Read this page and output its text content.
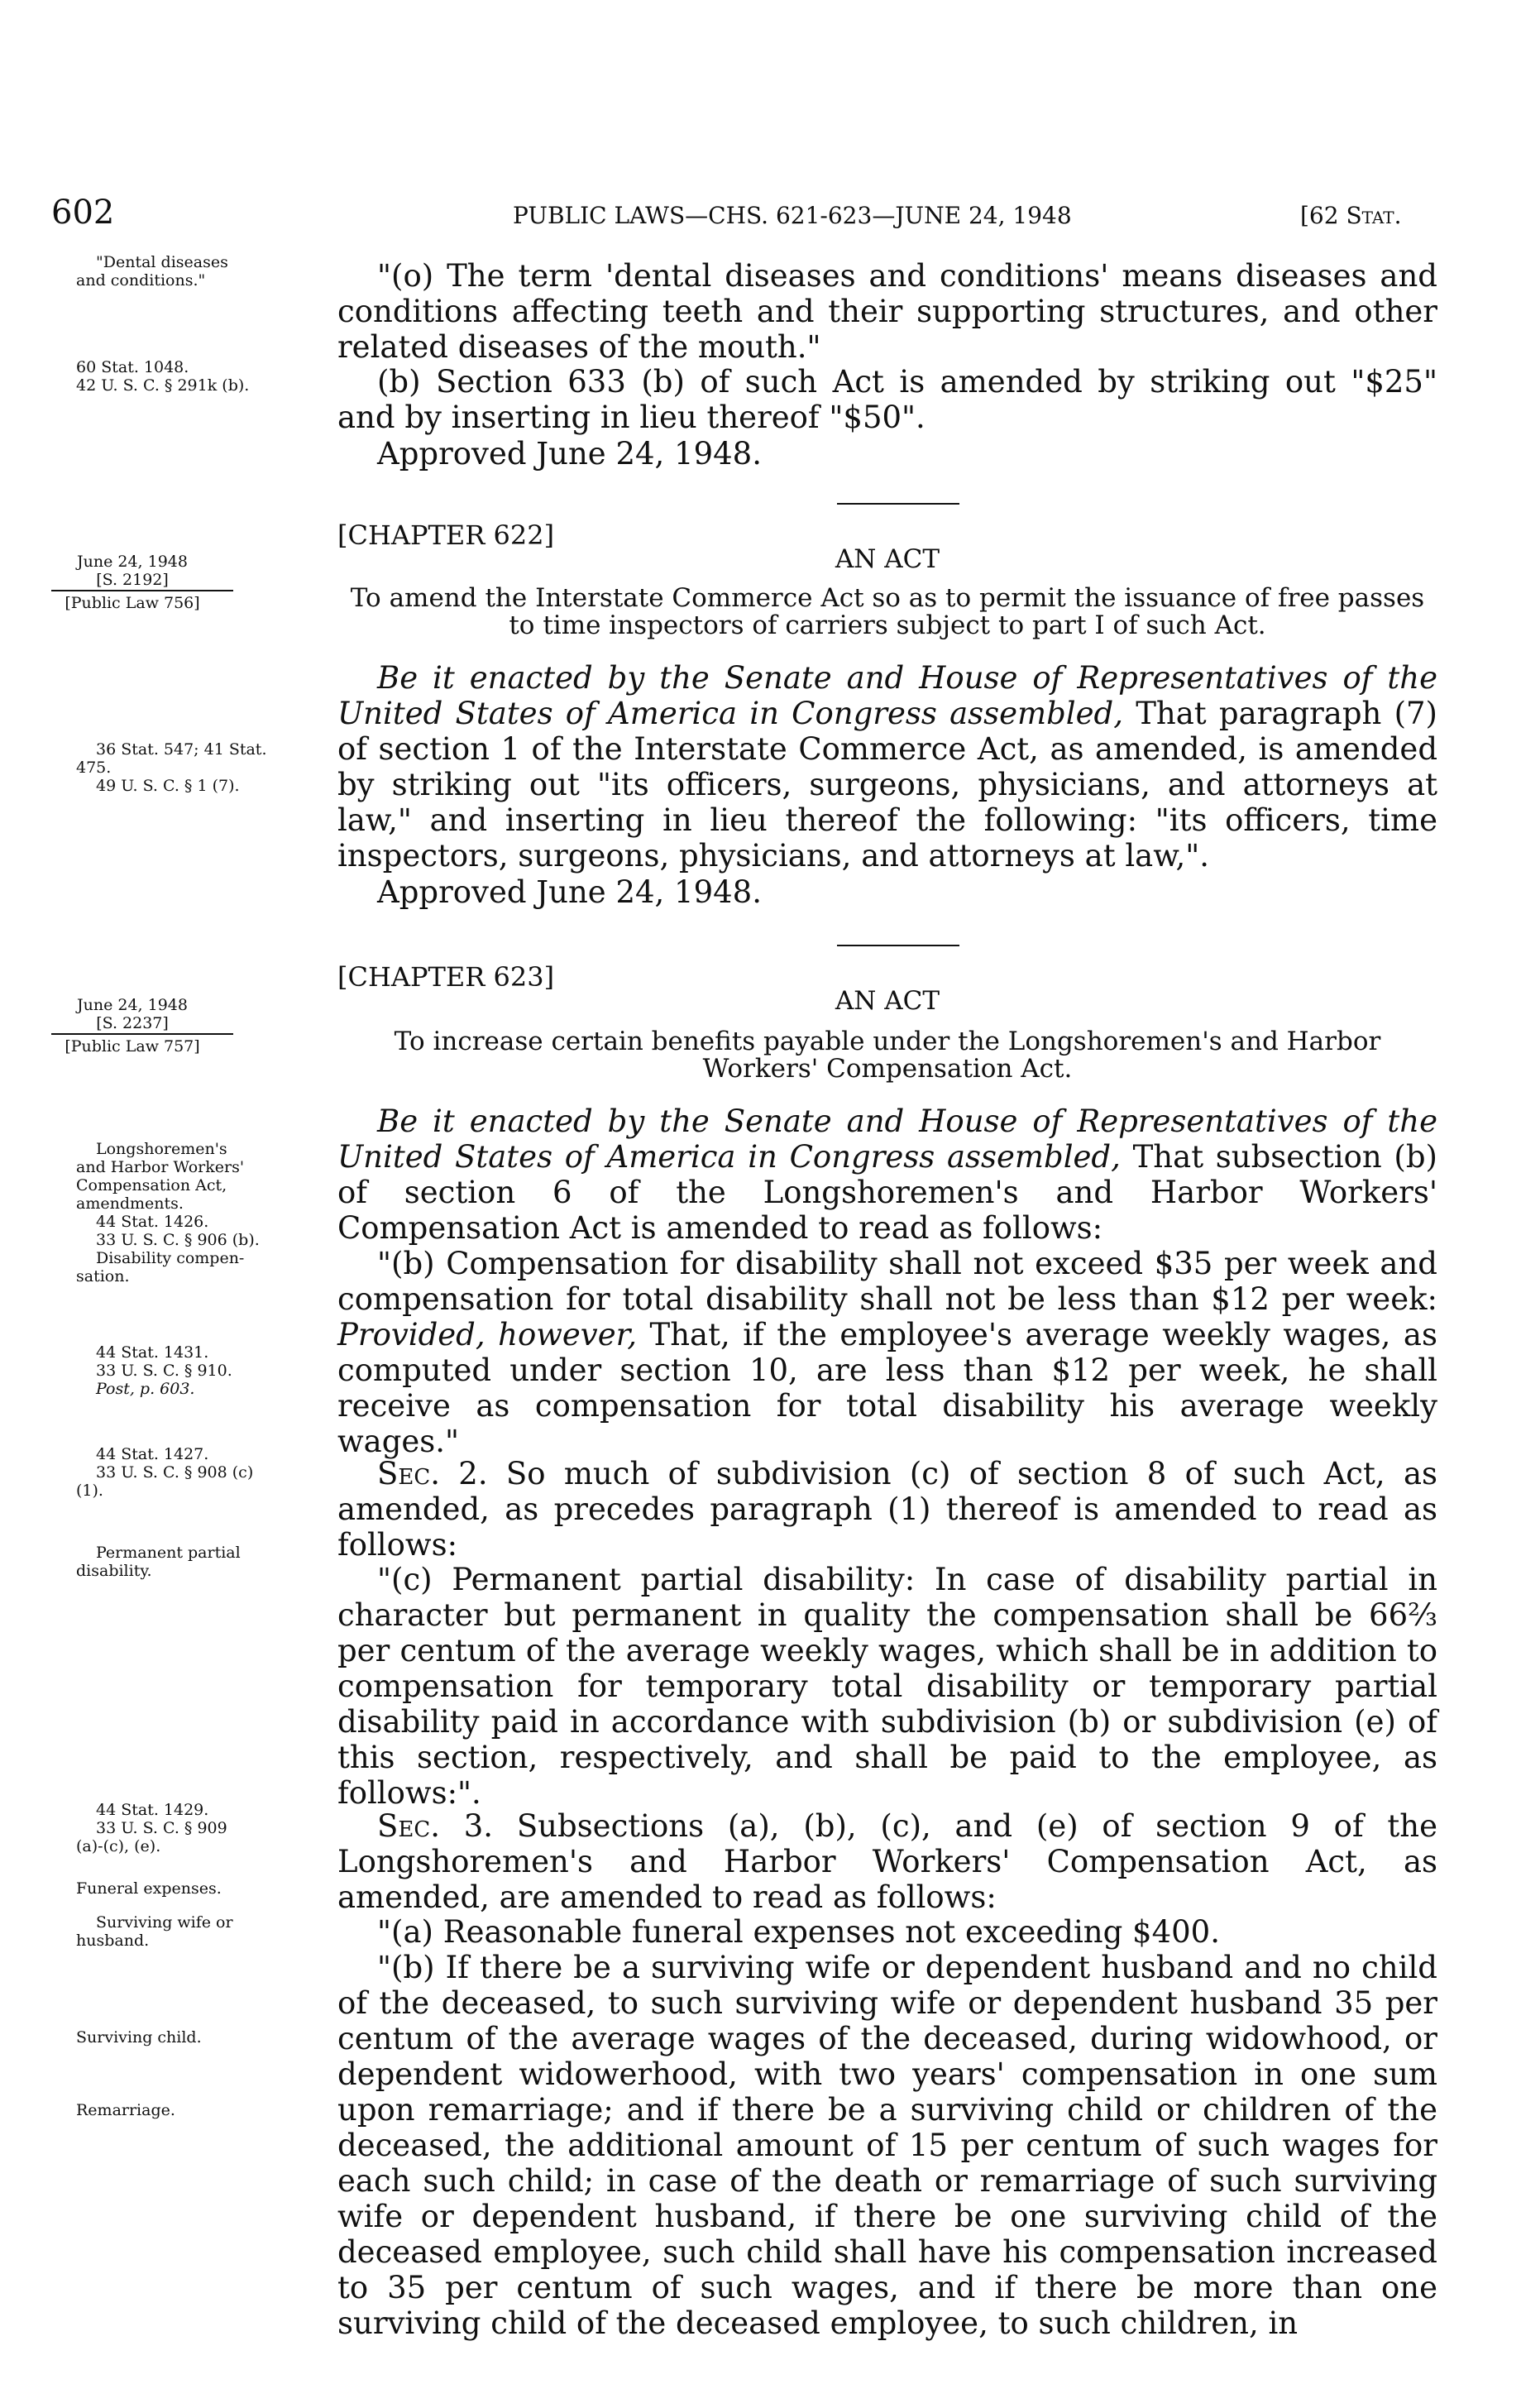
602	PUBLIC LAWS—CHS. 621-623—JUNE 24, 1948	[62 Stat.
"Dental diseases
and conditions."
60 Stat. 1048.
42 U. S. C. § 291k (b).
June 24, 1948
[S. 2192]
[Public Law 756]
36 Stat. 547; 41 Stat.
475.
49 U. S. C. § 1 (7).
June 24, 1948
[S. 2237]
[Public Law 757]
Longshoremen's
and Harbor Workers'
Compensation Act,
amendments.
44 Stat. 1426.
33 U. S. C. § 906 (b).
Disability compen-
sation.
44 Stat. 1431.
33 U. S. C. § 910.
Post, p. 603.
44 Stat. 1427.
33 U. S. C. § 908 (c)
(1).
Permanent partial
disability.
44 Stat. 1429.
33 U. S. C. § 909
(a)-(c), (e).
Funeral expenses.
Surviving wife or
husband.
Surviving child.
Remarriage.
"(o) The term 'dental diseases and conditions' means diseases and conditions affecting teeth and their supporting structures, and other related diseases of the mouth."
(b) Section 633 (b) of such Act is amended by striking out "$25" and by inserting in lieu thereof "$50".
Approved June 24, 1948.
[CHAPTER 622]
AN ACT
To amend the Interstate Commerce Act so as to permit the issuance of free passes to time inspectors of carriers subject to part I of such Act.
Be it enacted by the Senate and House of Representatives of the United States of America in Congress assembled, That paragraph (7) of section 1 of the Interstate Commerce Act, as amended, is amended by striking out "its officers, surgeons, physicians, and attorneys at law," and inserting in lieu thereof the following: "its officers, time inspectors, surgeons, physicians, and attorneys at law,".
Approved June 24, 1948.
[CHAPTER 623]
AN ACT
To increase certain benefits payable under the Longshoremen's and Harbor Workers' Compensation Act.
Be it enacted by the Senate and House of Representatives of the United States of America in Congress assembled, That subsection (b) of section 6 of the Longshoremen's and Harbor Workers' Compensation Act is amended to read as follows:
"(b) Compensation for disability shall not exceed $35 per week and compensation for total disability shall not be less than $12 per week: Provided, however, That, if the employee's average weekly wages, as computed under section 10, are less than $12 per week, he shall receive as compensation for total disability his average weekly wages."
Sec. 2. So much of subdivision (c) of section 8 of such Act, as amended, as precedes paragraph (1) thereof is amended to read as follows:
"(c) Permanent partial disability: In case of disability partial in character but permanent in quality the compensation shall be 66⅔ per centum of the average weekly wages, which shall be in addition to compensation for temporary total disability or temporary partial disability paid in accordance with subdivision (b) or subdivision (e) of this section, respectively, and shall be paid to the employee, as follows:".
Sec. 3. Subsections (a), (b), (c), and (e) of section 9 of the Longshoremen's and Harbor Workers' Compensation Act, as amended, are amended to read as follows:
"(a) Reasonable funeral expenses not exceeding $400.
"(b) If there be a surviving wife or dependent husband and no child of the deceased, to such surviving wife or dependent husband 35 per centum of the average wages of the deceased, during widowhood, or dependent widowerhood, with two years' compensation in one sum upon remarriage; and if there be a surviving child or children of the deceased, the additional amount of 15 per centum of such wages for each such child; in case of the death or remarriage of such surviving wife or dependent husband, if there be one surviving child of the deceased employee, such child shall have his compensation increased to 35 per centum of such wages, and if there be more than one surviving child of the deceased employee, to such children, in
